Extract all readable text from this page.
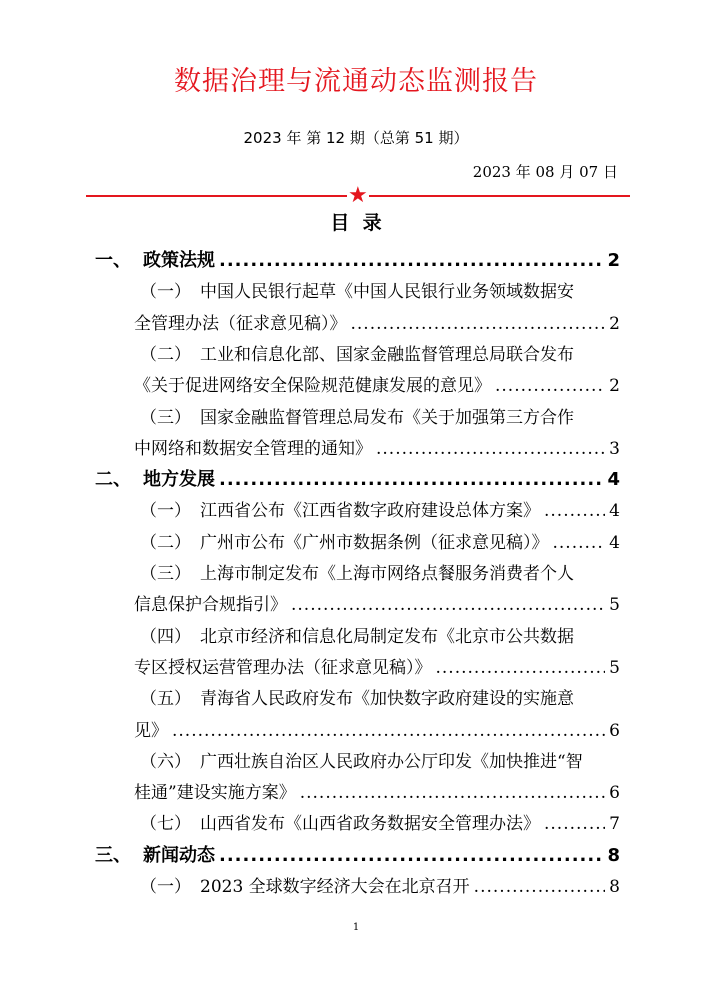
数据治理与流通动态监测报告
2023 年 第 12 期（总第 51 期）
2023 年 08 月 07 日
★
目  录
一、 政策法规 .....	2
（一） 中国人民银行起草《中国人民银行业务领域数据安
全管理办法（征求意见稿）》 .....	2
（二） 工业和信息化部、国家金融监督管理总局联合发布
《关于促进网络安全保险规范健康发展的意见》 .....	2
（三） 国家金融监督管理总局发布《关于加强第三方合作
中网络和数据安全管理的通知》 .....	3
二、 地方发展 .....	4
（一） 江西省公布《江西省数字政府建设总体方案》 .....	4
（二） 广州市公布《广州市数据条例（征求意见稿）》 .....	4
（三） 上海市制定发布《上海市网络点餐服务消费者个人
信息保护合规指引》 .....	5
（四） 北京市经济和信息化局制定发布《北京市公共数据
专区授权运营管理办法（征求意见稿）》 .....	5
（五） 青海省人民政府发布《加快数字政府建设的实施意
见》 .....	6
（六） 广西壮族自治区人民政府办公厅印发《加快推进“智
桂通”建设实施方案》 .....	6
（七） 山西省发布《山西省政务数据安全管理办法》 .....	7
三、 新闻动态 .....	8
（一） 2023 全球数字经济大会在北京召开 .....	8
1
